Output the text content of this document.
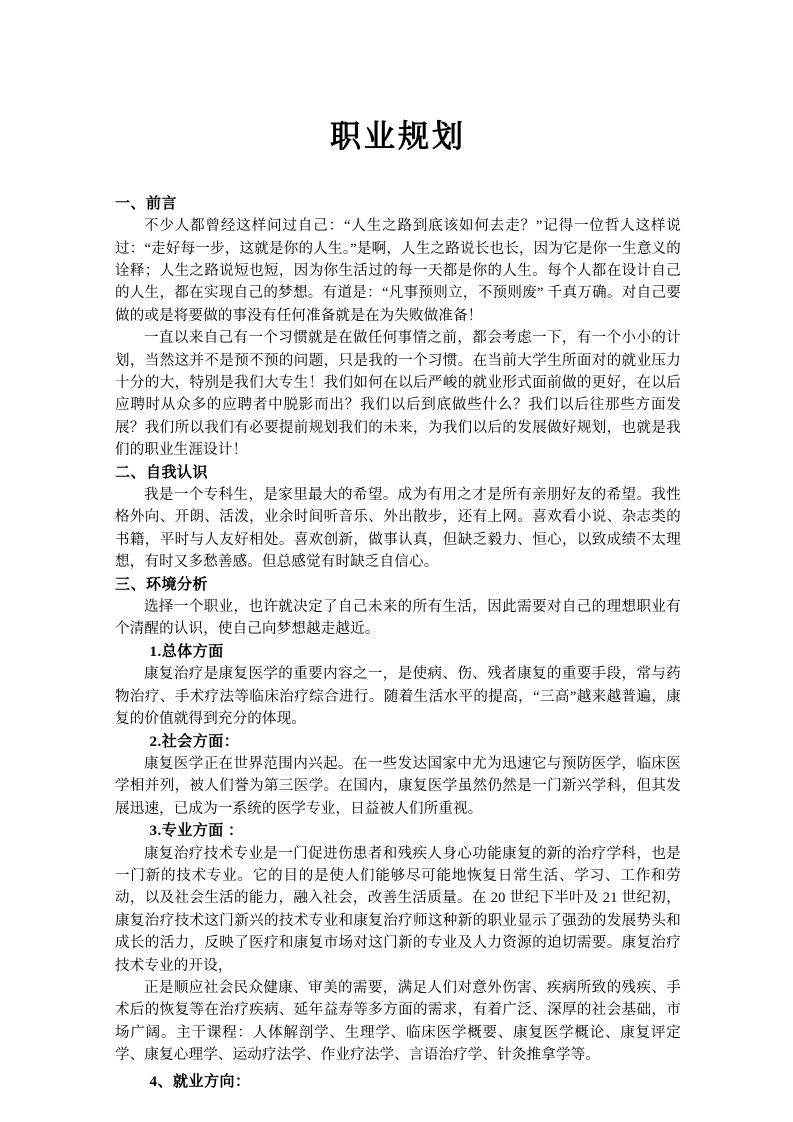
职业规划
一、前言

不少人都曾经这样问过自己：“人生之路到底该如何去走？”记得一位哲人这样说过：“走好每一步，这就是你的人生。”是啊，人生之路说长也长，因为它是你一生意义的诠释；人生之路说短也短，因为你生活过的每一天都是你的人生。每个人都在设计自己的人生，都在实现自己的梦想。有道是：“凡事预则立，不预则废” 千真万确。对自己要做的或是将要做的事没有任何准备就是在为失败做准备！

一直以来自己有一个习惯就是在做任何事情之前，都会考虑一下，有一个小小的计划，当然这并不是预不预的问题，只是我的一个习惯。在当前大学生所面对的就业压力十分的大，特别是我们大专生！我们如何在以后严峻的就业形式面前做的更好，在以后应聘时从众多的应聘者中脱影而出？我们以后到底做些什么？我们以后往那些方面发展？我们所以我们有必要提前规划我们的未来，为我们以后的发展做好规划，也就是我们的职业生涯设计！

二、自我认识

我是一个专科生，是家里最大的希望。成为有用之才是所有亲朋好友的希望。我性格外向、开朗、活泼，业余时间听音乐、外出散步，还有上网。喜欢看小说、杂志类的书籍，平时与人友好相处。喜欢创新，做事认真，但缺乏毅力、恒心，以致成绩不太理想，有时又多愁善感。但总感觉有时缺乏自信心。

三、环境分析

选择一个职业，也许就决定了自己未来的所有生活，因此需要对自己的理想职业有个清醒的认识，使自己向梦想越走越近。

1.总体方面

康复治疗是康复医学的重要内容之一，是使病、伤、残者康复的重要手段，常与药物治疗、手术疗法等临床治疗综合进行。随着生活水平的提高，“三高”越来越普遍，康复的价值就得到充分的体现。

2.社会方面：

康复医学正在世界范围内兴起。在一些发达国家中尤为迅速它与预防医学，临床医学相并列，被人们誉为第三医学。在国内，康复医学虽然仍然是一门新兴学科，但其发展迅速，已成为一系统的医学专业，日益被人们所重视。

3.专业方面 ：

康复治疗技术专业是一门促进伤患者和残疾人身心功能康复的新的治疗学科，也是一门新的技术专业。它的目的是使人们能够尽可能地恢复日常生活、学习、工作和劳动，以及社会生活的能力，融入社会，改善生活质量。在 20 世纪下半叶及 21 世纪初，康复治疗技术这门新兴的技术专业和康复治疗师这种新的职业显示了强劲的发展势头和成长的活力，反映了医疗和康复市场对这门新的专业及人力资源的迫切需要。康复治疗技术专业的开设，

正是顺应社会民众健康、审美的需要，满足人们对意外伤害、疾病所致的残疾、手术后的恢复等在治疗疾病、延年益寿等多方面的需求，有着广泛、深厚的社会基础，市场广阔。主干课程：人体解剖学、生理学、临床医学概要、康复医学概论、康复评定学、康复心理学、运动疗法学、作业疗法学、言语治疗学、针灸推拿学等。

4、就业方向：
